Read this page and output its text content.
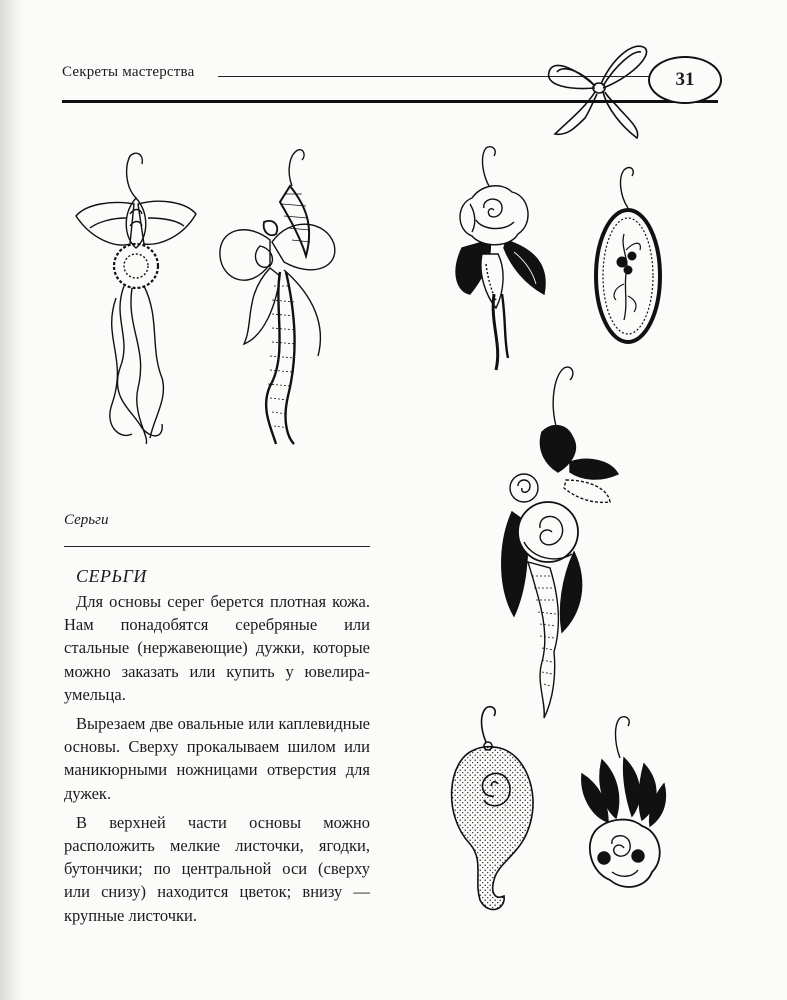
Секреты мастерства	31
Серьги
СЕРЬГИ

Для основы серег берется плотная кожа. Нам понадобятся серебряные или стальные (нержавеющие) дужки, которые можно заказать или купить у ювелира-умельца.

Вырезаем две овальные или каплевидные основы. Сверху прокалываем шилом или маникюрными ножницами отверстия для дужек.

В верхней части основы можно расположить мелкие листочки, ягодки, бутончики; по центральной оси (сверху или снизу) находится цветок; внизу — крупные листочки.
